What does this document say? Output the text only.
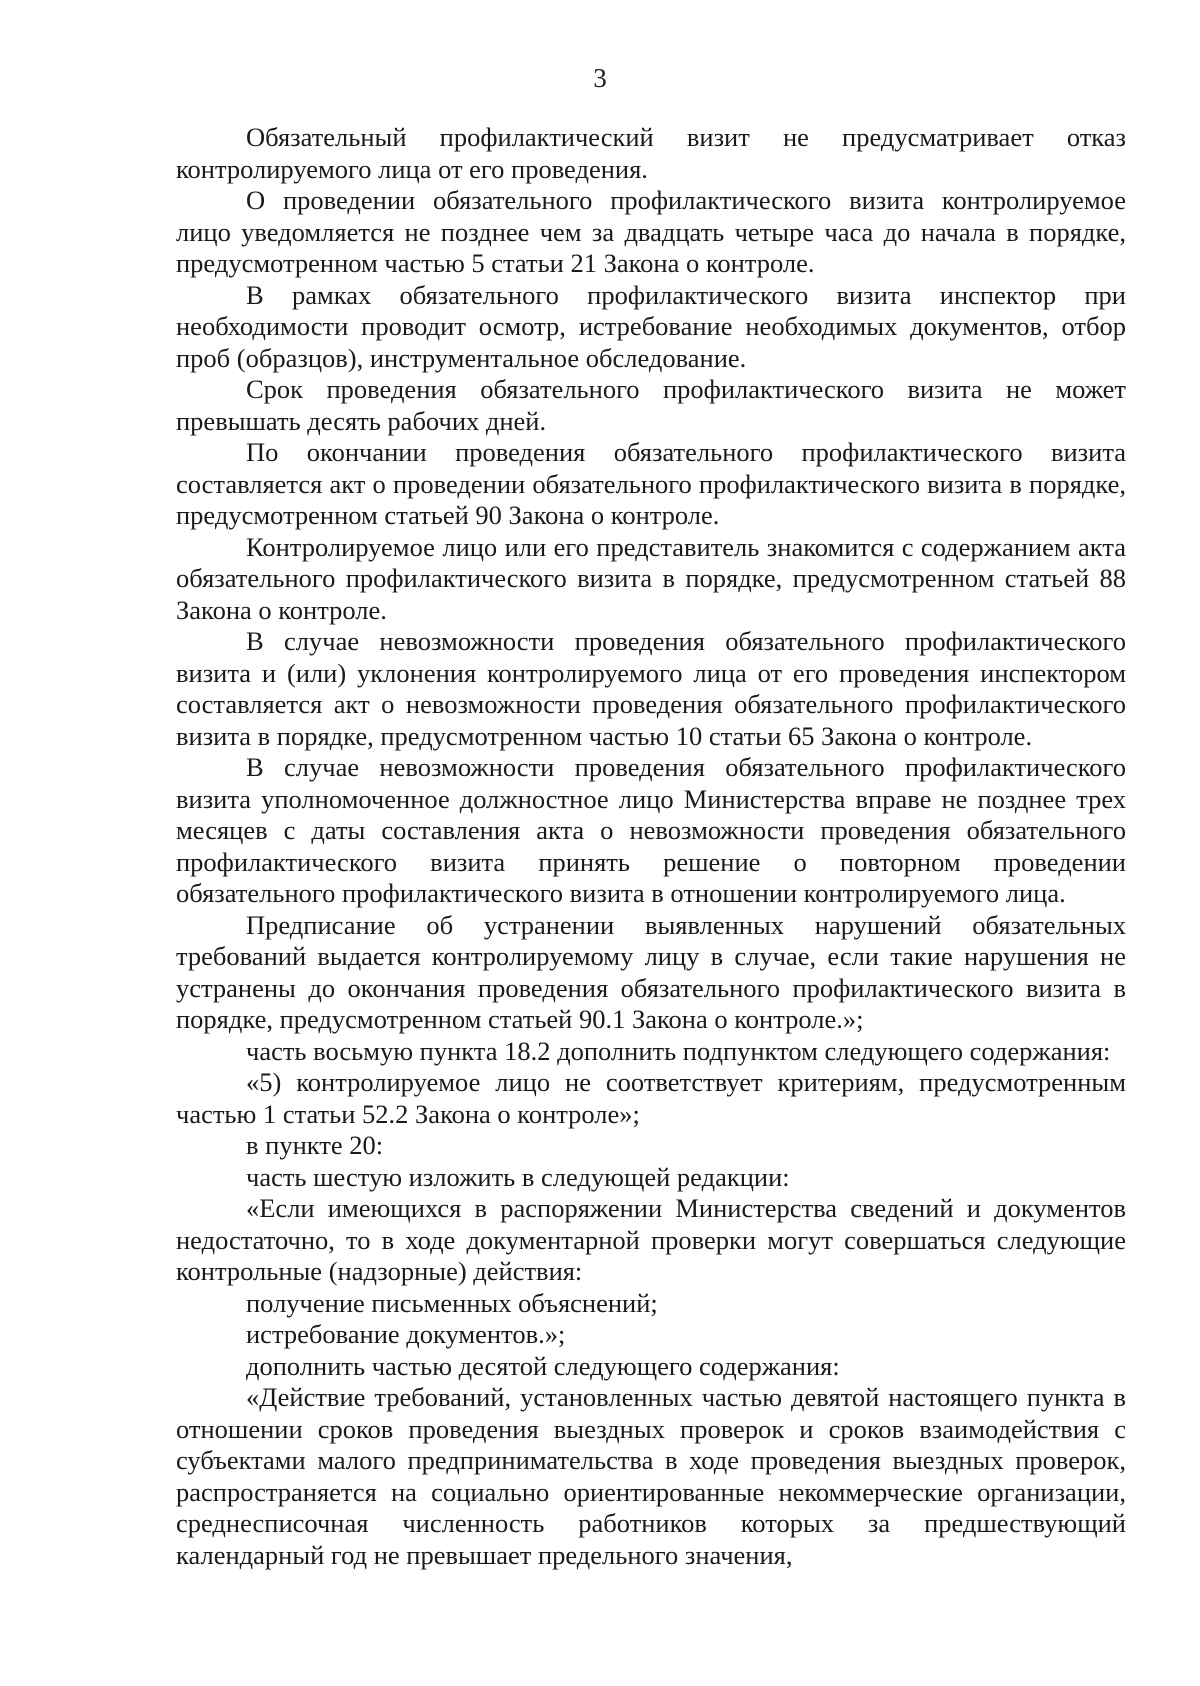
3

Обязательный профилактический визит не предусматривает отказ контролируемого лица от его проведения.

О проведении обязательного профилактического визита контролируемое лицо уведомляется не позднее чем за двадцать четыре часа до начала в порядке, предусмотренном частью 5 статьи 21 Закона о контроле.

В рамках обязательного профилактического визита инспектор при необходимости проводит осмотр, истребование необходимых документов, отбор проб (образцов), инструментальное обследование.

Срок проведения обязательного профилактического визита не может превышать десять рабочих дней.

По окончании проведения обязательного профилактического визита составляется акт о проведении обязательного профилактического визита в порядке, предусмотренном статьей 90 Закона о контроле.

Контролируемое лицо или его представитель знакомится с содержанием акта обязательного профилактического визита в порядке, предусмотренном статьей 88 Закона о контроле.

В случае невозможности проведения обязательного профилактического визита и (или) уклонения контролируемого лица от его проведения инспектором составляется акт о невозможности проведения обязательного профилактического визита в порядке, предусмотренном частью 10 статьи 65 Закона о контроле.

В случае невозможности проведения обязательного профилактического визита уполномоченное должностное лицо Министерства вправе не позднее трех месяцев с даты составления акта о невозможности проведения обязательного профилактического визита принять решение о повторном проведении обязательного профилактического визита в отношении контролируемого лица.

Предписание об устранении выявленных нарушений обязательных требований выдается контролируемому лицу в случае, если такие нарушения не устранены до окончания проведения обязательного профилактического визита в порядке, предусмотренном статьей 90.1 Закона о контроле.»;

часть восьмую пункта 18.2 дополнить подпунктом следующего содержания:

«5) контролируемое лицо не соответствует критериям, предусмотренным частью 1 статьи 52.2 Закона о контроле»;

в пункте 20:

часть шестую изложить в следующей редакции:

«Если имеющихся в распоряжении Министерства сведений и документов недостаточно, то в ходе документарной проверки могут совершаться следующие контрольные (надзорные) действия:

получение письменных объяснений;

истребование документов.»;

дополнить частью десятой следующего содержания:

«Действие требований, установленных частью девятой настоящего пункта в отношении сроков проведения выездных проверок и сроков взаимодействия с субъектами малого предпринимательства в ходе проведения выездных проверок, распространяется на социально ориентированные некоммерческие организации, среднесписочная численность работников которых за предшествующий календарный год не превышает предельного значения,
